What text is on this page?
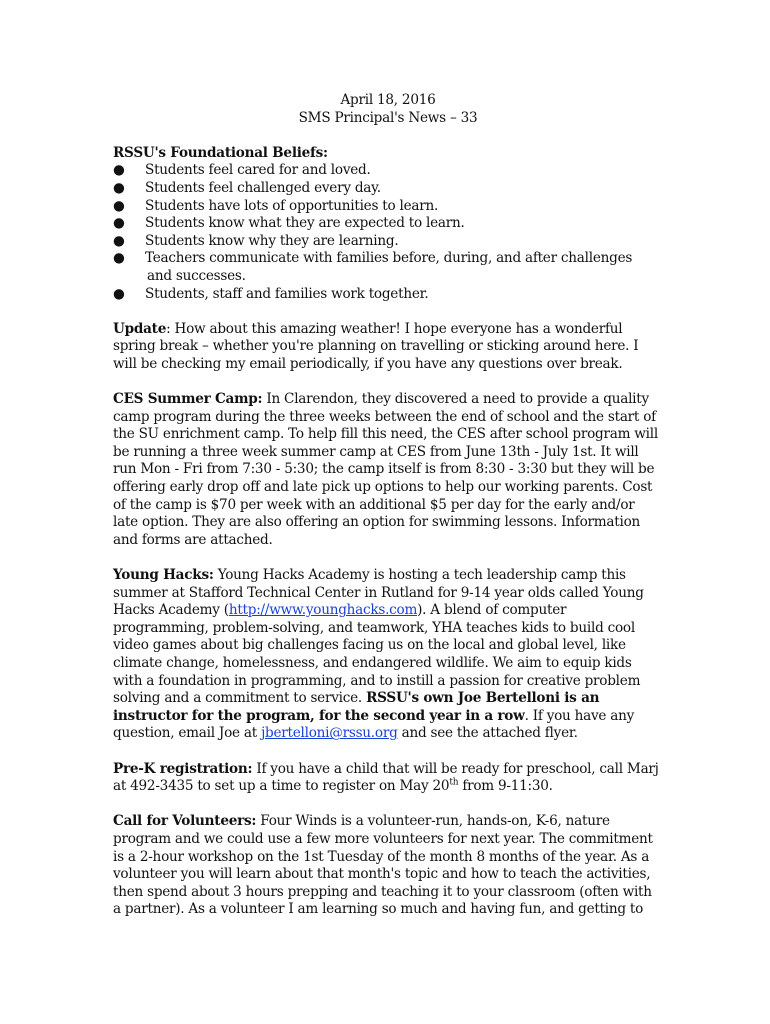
April 18, 2016
SMS Principal's News – 33
RSSU's Foundational Beliefs:
● Students feel cared for and loved.
● Students feel challenged every day.
● Students have lots of opportunities to learn.
● Students know what they are expected to learn.
● Students know why they are learning.
● Teachers communicate with families before, during, and after challenges
and successes.
● Students, staff and families work together.

Update: How about this amazing weather! I hope everyone has a wonderful spring break – whether you're planning on travelling or sticking around here. I will be checking my email periodically, if you have any questions over break.

CES Summer Camp: In Clarendon, they discovered a need to provide a quality camp program during the three weeks between the end of school and the start of the SU enrichment camp. To help fill this need, the CES after school program will be running a three week summer camp at CES from June 13th - July 1st. It will run Mon - Fri from 7:30 - 5:30; the camp itself is from 8:30 - 3:30 but they will be offering early drop off and late pick up options to help our working parents. Cost of the camp is $70 per week with an additional $5 per day for the early and/or late option. They are also offering an option for swimming lessons. Information and forms are attached.

Young Hacks: Young Hacks Academy is hosting a tech leadership camp this summer at Stafford Technical Center in Rutland for 9-14 year olds called Young Hacks Academy (http://www.younghacks.com). A blend of computer programming, problem-solving, and teamwork, YHA teaches kids to build cool video games about big challenges facing us on the local and global level, like climate change, homelessness, and endangered wildlife. We aim to equip kids with a foundation in programming, and to instill a passion for creative problem solving and a commitment to service. RSSU's own Joe Bertelloni is an instructor for the program, for the second year in a row. If you have any question, email Joe at jbertelloni@rssu.org and see the attached flyer.

Pre-K registration: If you have a child that will be ready for preschool, call Marj at 492-3435 to set up a time to register on May 20th from 9-11:30.

Call for Volunteers: Four Winds is a volunteer-run, hands-on, K-6, nature program and we could use a few more volunteers for next year. The commitment is a 2-hour workshop on the 1st Tuesday of the month 8 months of the year. As a volunteer you will learn about that month's topic and how to teach the activities, then spend about 3 hours prepping and teaching it to your classroom (often with a partner). As a volunteer I am learning so much and having fun, and getting to
